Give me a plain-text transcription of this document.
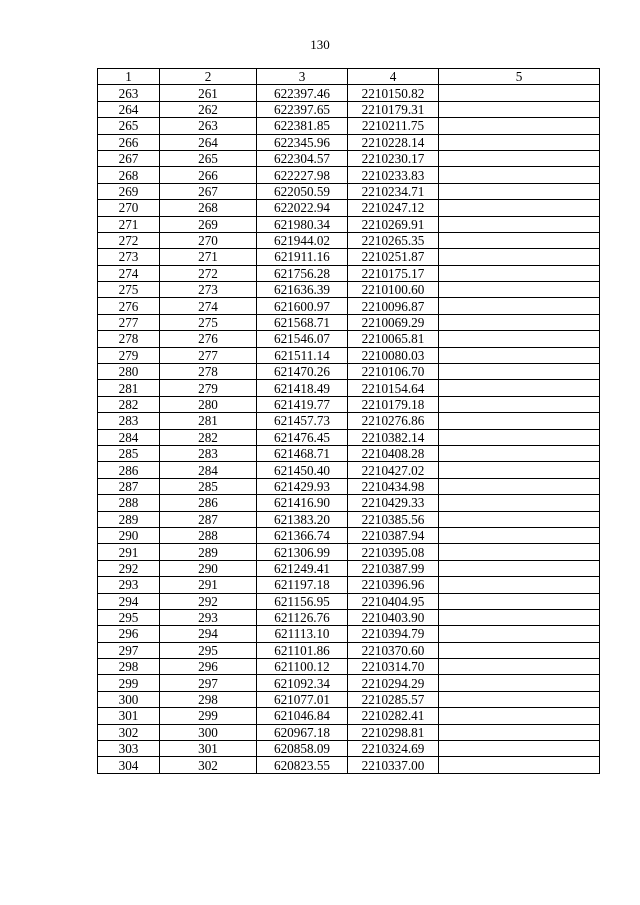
130
1	2	3	4	5
263	261	622397.46	2210150.82	
264	262	622397.65	2210179.31	
265	263	622381.85	2210211.75	
266	264	622345.96	2210228.14	
267	265	622304.57	2210230.17	
268	266	622227.98	2210233.83	
269	267	622050.59	2210234.71	
270	268	622022.94	2210247.12	
271	269	621980.34	2210269.91	
272	270	621944.02	2210265.35	
273	271	621911.16	2210251.87	
274	272	621756.28	2210175.17	
275	273	621636.39	2210100.60	
276	274	621600.97	2210096.87	
277	275	621568.71	2210069.29	
278	276	621546.07	2210065.81	
279	277	621511.14	2210080.03	
280	278	621470.26	2210106.70	
281	279	621418.49	2210154.64	
282	280	621419.77	2210179.18	
283	281	621457.73	2210276.86	
284	282	621476.45	2210382.14	
285	283	621468.71	2210408.28	
286	284	621450.40	2210427.02	
287	285	621429.93	2210434.98	
288	286	621416.90	2210429.33	
289	287	621383.20	2210385.56	
290	288	621366.74	2210387.94	
291	289	621306.99	2210395.08	
292	290	621249.41	2210387.99	
293	291	621197.18	2210396.96	
294	292	621156.95	2210404.95	
295	293	621126.76	2210403.90	
296	294	621113.10	2210394.79	
297	295	621101.86	2210370.60	
298	296	621100.12	2210314.70	
299	297	621092.34	2210294.29	
300	298	621077.01	2210285.57	
301	299	621046.84	2210282.41	
302	300	620967.18	2210298.81	
303	301	620858.09	2210324.69	
304	302	620823.55	2210337.00	
